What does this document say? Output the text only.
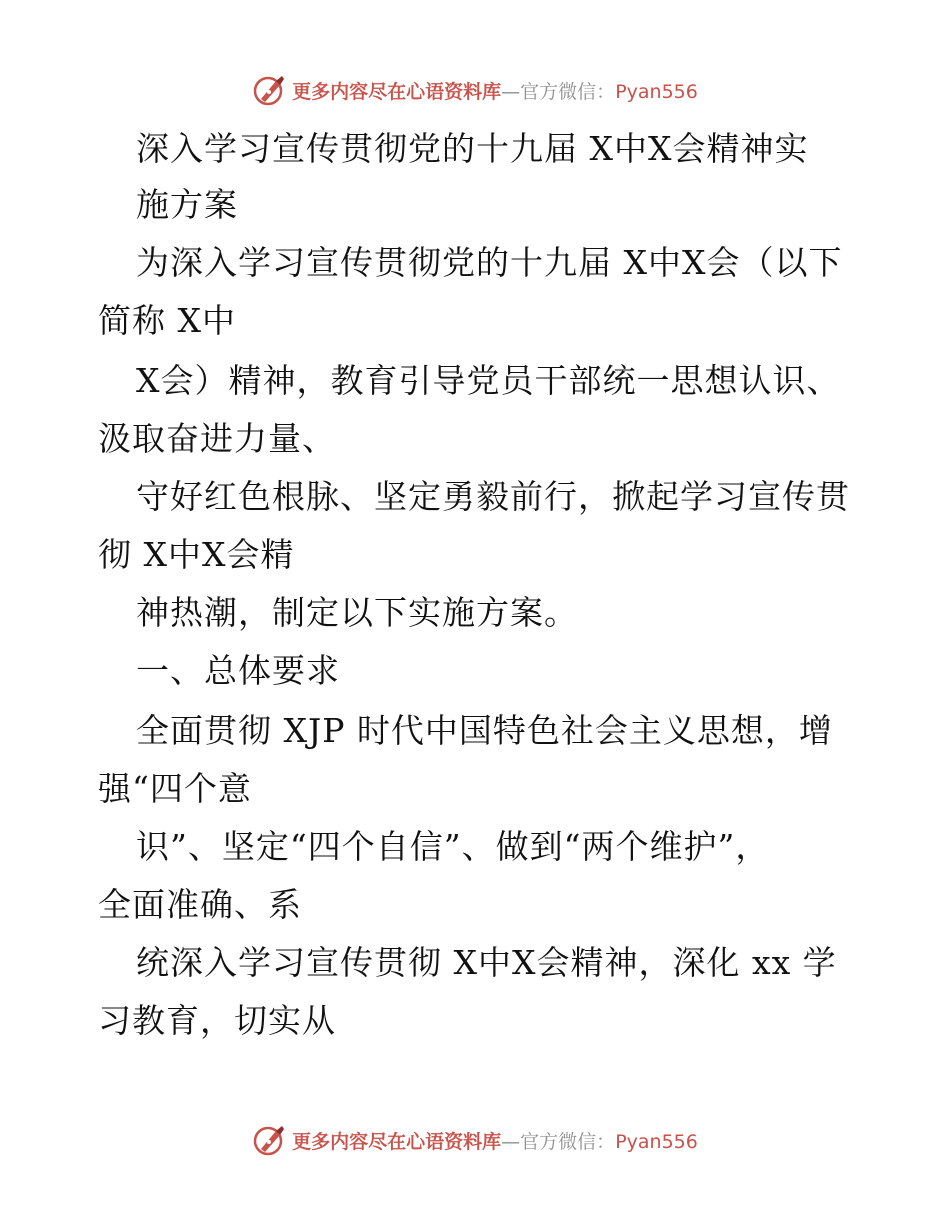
更多内容尽在心语资料库—官方微信：Pyan556
深入学习宣传贯彻党的十九届 X中X会精神实
施方案
为深入学习宣传贯彻党的十九届 X中X会（以下
简称 X中
X会）精神，教育引导党员干部统一思想认识、
汲取奋进力量、
守好红色根脉、坚定勇毅前行，掀起学习宣传贯
彻 X中X会精
神热潮，制定以下实施方案。
一、总体要求
全面贯彻 XJP 时代中国特色社会主义思想，增
强“四个意
识”、坚定“四个自信”、做到“两个维护”，
全面准确、系
统深入学习宣传贯彻 X中X会精神，深化 xx 学
习教育，切实从
更多内容尽在心语资料库—官方微信：Pyan556
